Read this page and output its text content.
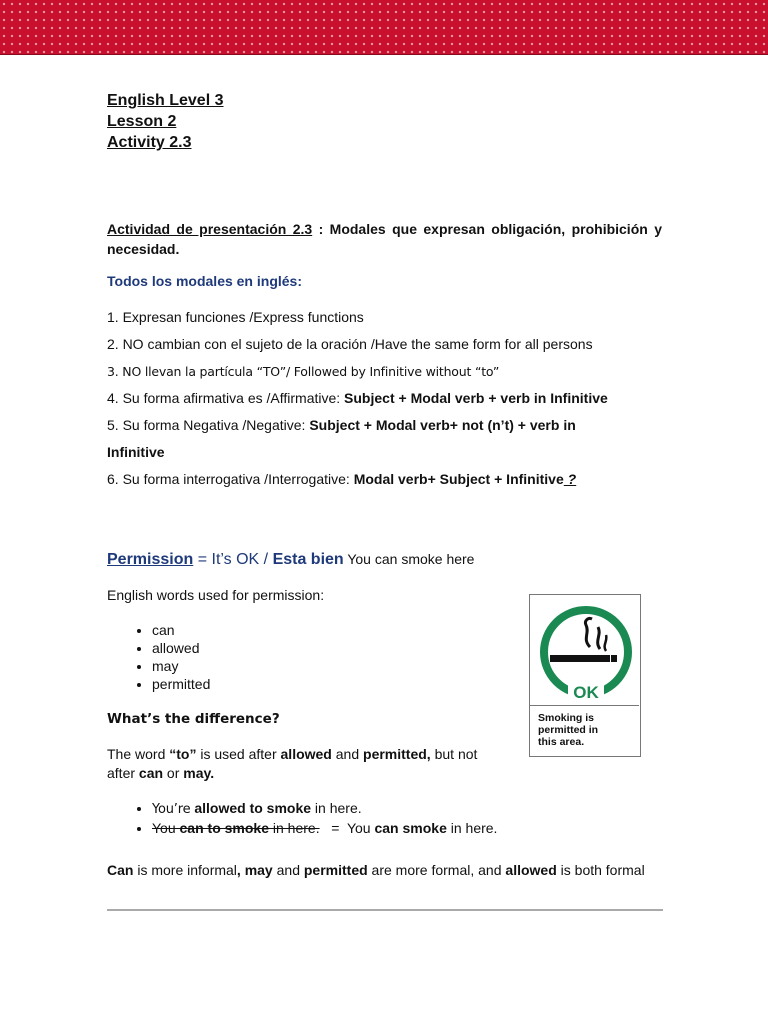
English Level 3
Lesson 2
Activity 2.3

Actividad de presentación 2.3 : Modales que expresan obligación, prohibición y necesidad.

Todos los modales en inglés:

1. Expresan funciones /Express functions
2. NO cambian con el sujeto de la oración /Have the same form for all persons
3. NO llevan la partícula “TO”/ Followed by Infinitive without “to”
4. Su forma afirmativa es /Affirmative: Subject + Modal verb + verb in Infinitive
5. Su forma Negativa /Negative: Subject + Modal verb+ not (n’t) + verb in
Infinitive
6. Su forma interrogativa /Interrogative: Modal verb+ Subject + Infinitive ?
Permission = It’s OK / Esta bien You can smoke here
English words used for permission:
• can
• allowed
• may
• permitted
What’s the difference?
The word “to” is used after allowed and permitted, but not after can or may.
• You’re allowed to smoke in here.
• You can to smoke in here.   =  You can smoke in here.
Can is more informal, may and permitted are more formal, and allowed is both formal
OK
Smoking is
permitted in
this area.
